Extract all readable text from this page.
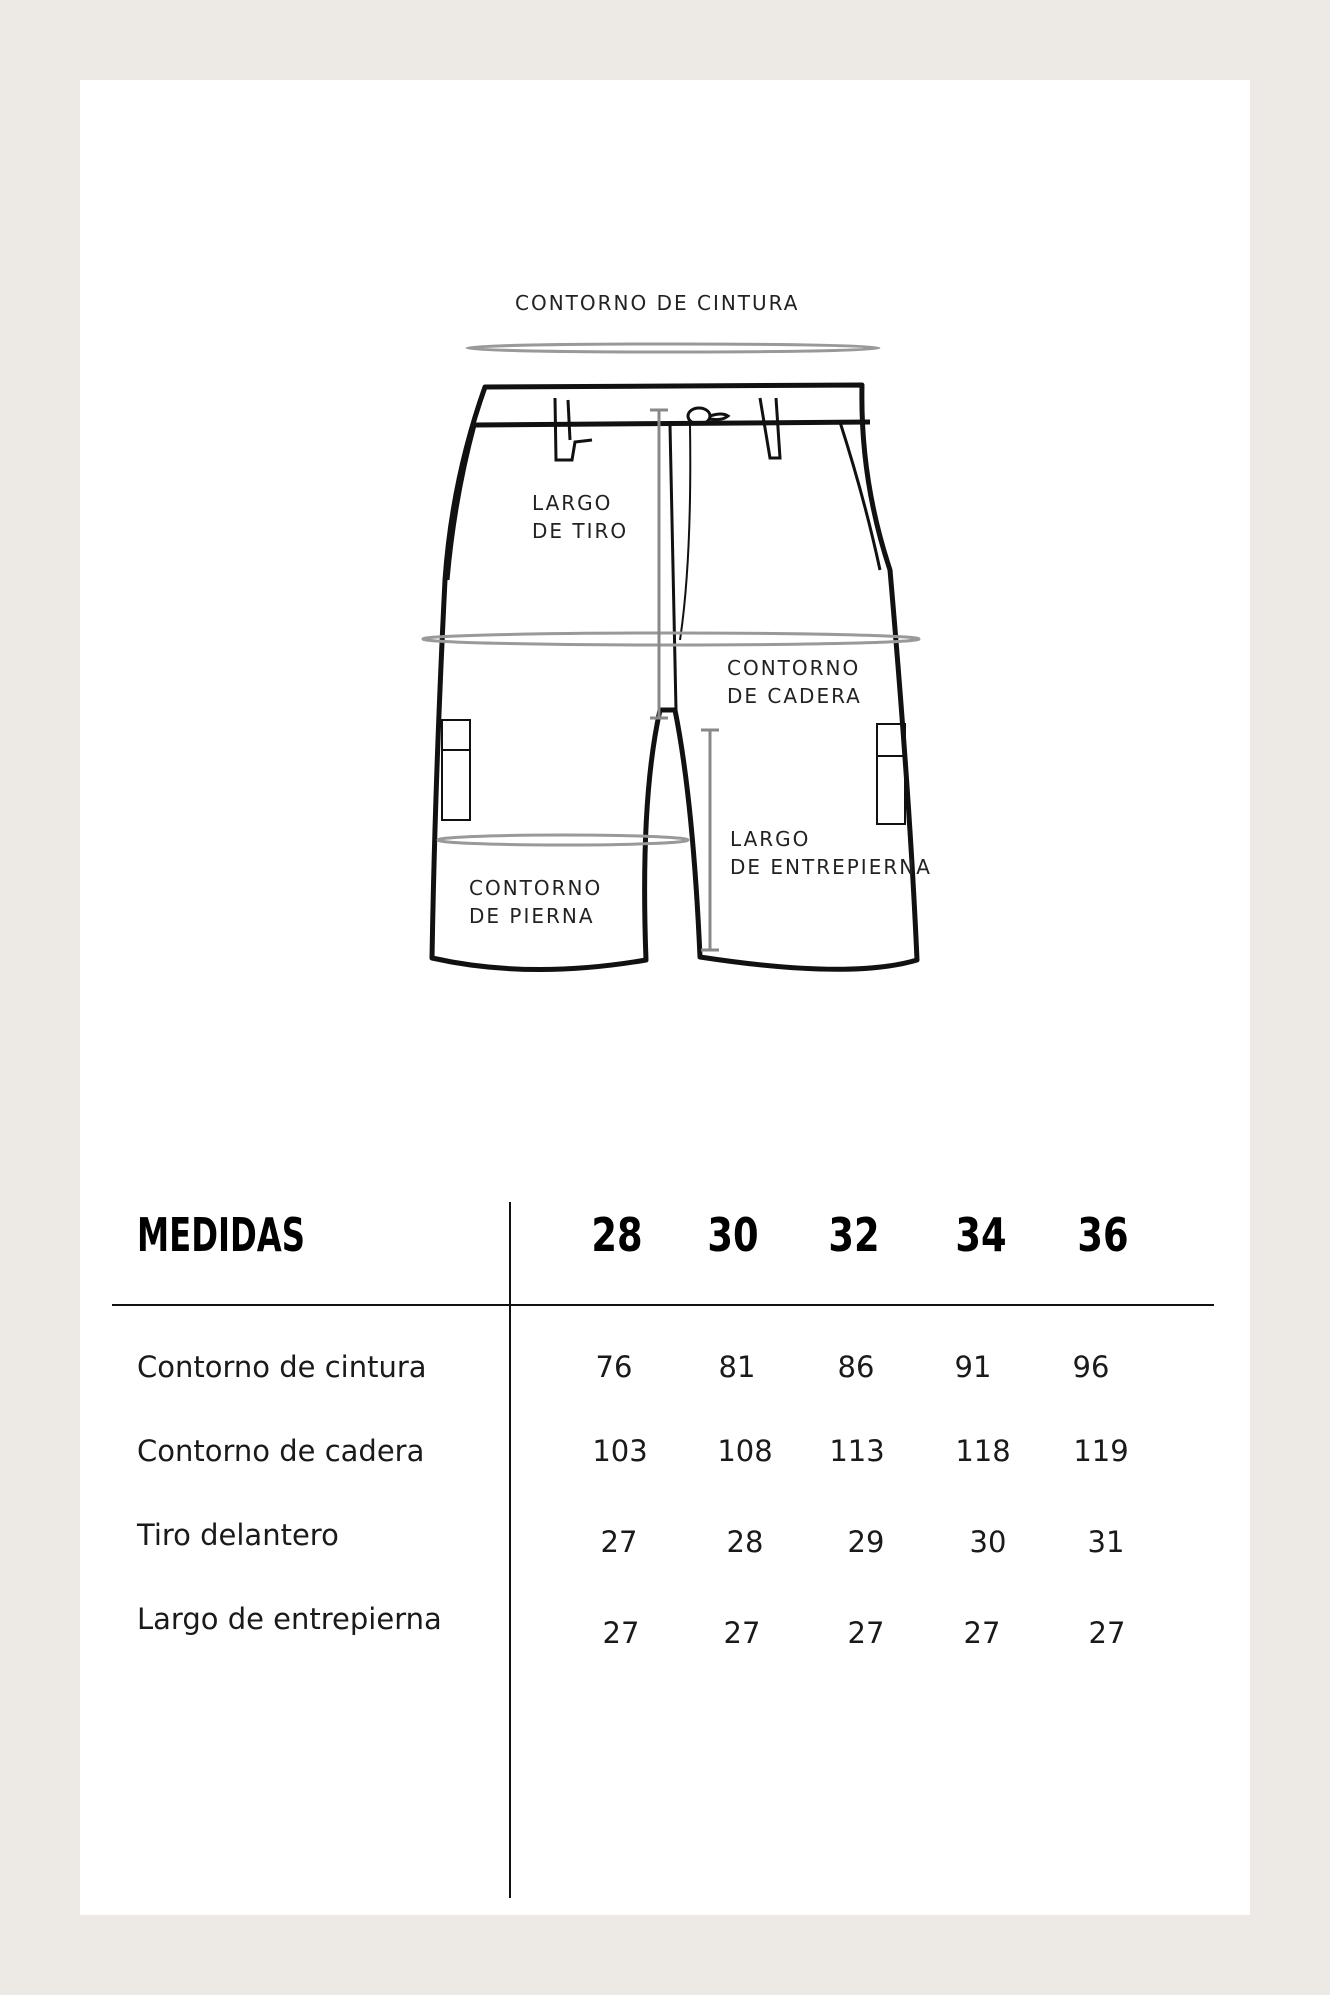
CONTORNO DE CINTURA
LARGO
DE TIRO
CONTORNO
DE CADERA
LARGO
DE ENTREPIERNA
CONTORNO
DE PIERNA
MEDIDAS	28 30 32 34 36
Contorno de cintura	76	81	86	91	96
Contorno de cadera	103	108	113	118	119
Tiro delantero	27	28	29	30	31
Largo de entrepierna	27	27	27	27	27
